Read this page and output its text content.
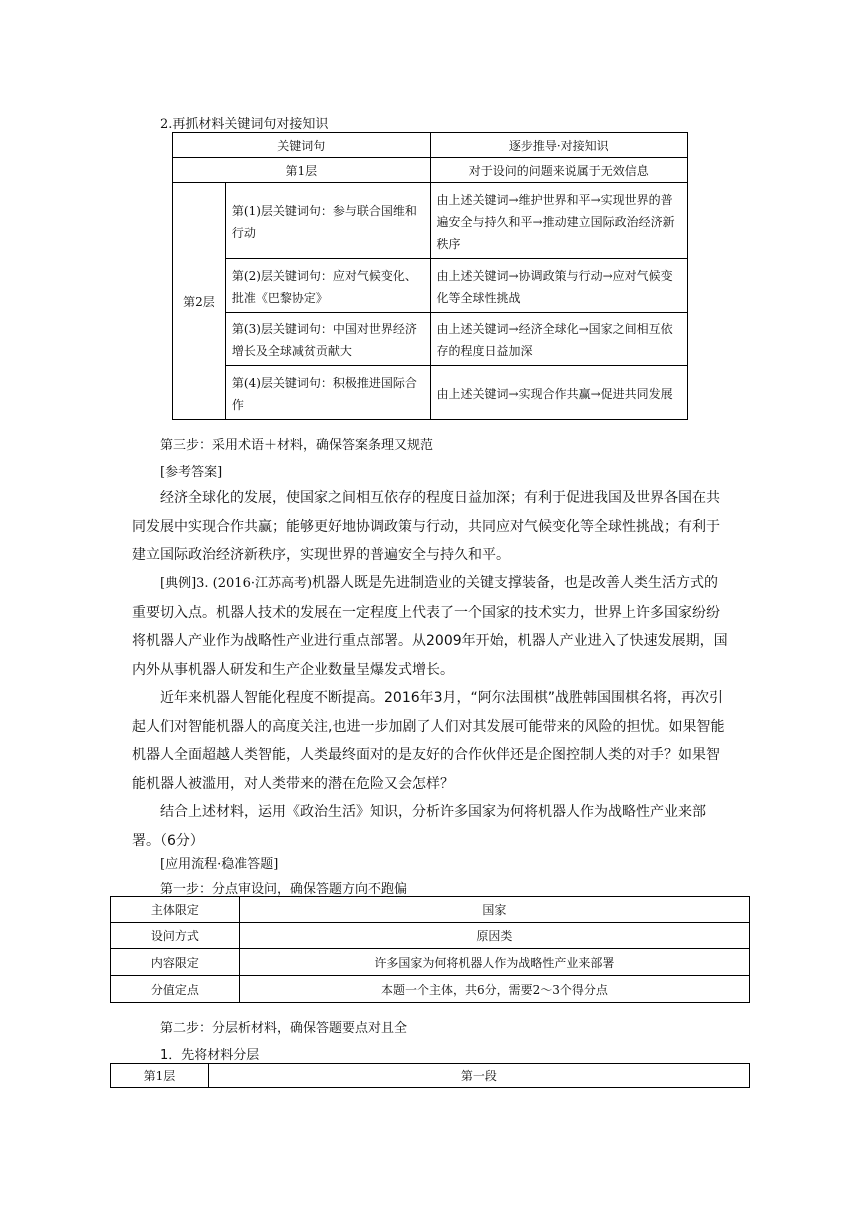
2.再抓材料关键词句对接知识
关键词句		逐步推导·对接知识
第1层		对于设问的问题来说属于无效信息
第2层	第(1)层关键词句：参与联合国维和行动	由上述关键词→维护世界和平→实现世界的普遍安全与持久和平→推动建立国际政治经济新秩序
	第(2)层关键词句：应对气候变化、批准《巴黎协定》	由上述关键词→协调政策与行动→应对气候变化等全球性挑战
	第(3)层关键词句：中国对世界经济增长及全球减贫贡献大	由上述关键词→经济全球化→国家之间相互依存的程度日益加深
	第(4)层关键词句：积极推进国际合作	由上述关键词→实现合作共赢→促进共同发展
第三步：采用术语＋材料，确保答案条理又规范
[参考答案]

经济全球化的发展，使国家之间相互依存的程度日益加深；有利于促进我国及世界各国在共同发展中实现合作共赢；能够更好地协调政策与行动，共同应对气候变化等全球性挑战；有利于建立国际政治经济新秩序，实现世界的普遍安全与持久和平。

[典例]3. (2016·江苏高考)机器人既是先进制造业的关键支撑装备，也是改善人类生活方式的重要切入点。机器人技术的发展在一定程度上代表了一个国家的技术实力，世界上许多国家纷纷将机器人产业作为战略性产业进行重点部署。从2009年开始，机器人产业进入了快速发展期，国内外从事机器人研发和生产企业数量呈爆发式增长。

近年来机器人智能化程度不断提高。2016年3月，“阿尔法围棋”战胜韩国围棋名将，再次引起人们对智能机器人的高度关注,也进一步加剧了人们对其发展可能带来的风险的担忧。如果智能机器人全面超越人类智能，人类最终面对的是友好的合作伙伴还是企图控制人类的对手？如果智能机器人被滥用，对人类带来的潜在危险又会怎样？

结合上述材料，运用《政治生活》知识，分析许多国家为何将机器人作为战略性产业来部署。（6分）

[应用流程·稳准答题]
第一步：分点审设问，确保答题方向不跑偏
主体限定	国家
设问方式	原因类
内容限定	许多国家为何将机器人作为战略性产业来部署
分值定点	本题一个主体，共6分，需要2～3个得分点
第二步：分层析材料，确保答题要点对且全
1．先将材料分层
第1层	第一段
